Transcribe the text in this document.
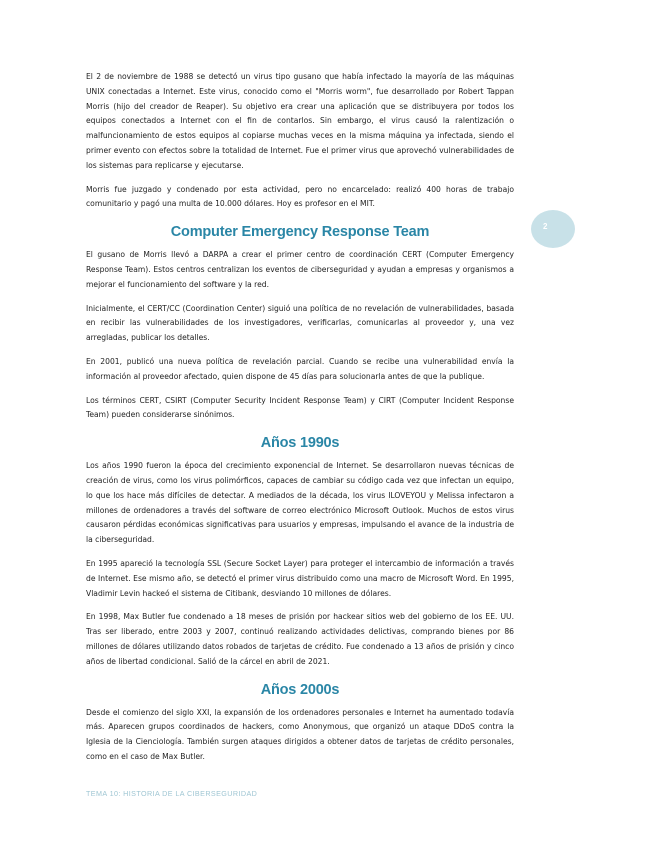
El 2 de noviembre de 1988 se detectó un virus tipo gusano que había infectado la mayoría de las máquinas UNIX conectadas a Internet. Este virus, conocido como el "Morris worm", fue desarrollado por Robert Tappan Morris (hijo del creador de Reaper). Su objetivo era crear una aplicación que se distribuyera por todos los equipos conectados a Internet con el fin de contarlos. Sin embargo, el virus causó la ralentización o malfuncionamiento de estos equipos al copiarse muchas veces en la misma máquina ya infectada, siendo el primer evento con efectos sobre la totalidad de Internet. Fue el primer virus que aprovechó vulnerabilidades de los sistemas para replicarse y ejecutarse.

Morris fue juzgado y condenado por esta actividad, pero no encarcelado: realizó 400 horas de trabajo comunitario y pagó una multa de 10.000 dólares. Hoy es profesor en el MIT.

Computer Emergency Response Team

El gusano de Morris llevó a DARPA a crear el primer centro de coordinación CERT (Computer Emergency Response Team). Estos centros centralizan los eventos de ciberseguridad y ayudan a empresas y organismos a mejorar el funcionamiento del software y la red.

Inicialmente, el CERT/CC (Coordination Center) siguió una política de no revelación de vulnerabilidades, basada en recibir las vulnerabilidades de los investigadores, verificarlas, comunicarlas al proveedor y, una vez arregladas, publicar los detalles.

En 2001, publicó una nueva política de revelación parcial. Cuando se recibe una vulnerabilidad envía la información al proveedor afectado, quien dispone de 45 días para solucionarla antes de que la publique.

Los términos CERT, CSIRT (Computer Security Incident Response Team) y CIRT (Computer Incident Response Team) pueden considerarse sinónimos.

Años 1990s

Los años 1990 fueron la época del crecimiento exponencial de Internet. Se desarrollaron nuevas técnicas de creación de virus, como los virus polimórficos, capaces de cambiar su código cada vez que infectan un equipo, lo que los hace más difíciles de detectar. A mediados de la década, los virus ILOVEYOU y Melissa infectaron a millones de ordenadores a través del software de correo electrónico Microsoft Outlook. Muchos de estos virus causaron pérdidas económicas significativas para usuarios y empresas, impulsando el avance de la industria de la ciberseguridad.

En 1995 apareció la tecnología SSL (Secure Socket Layer) para proteger el intercambio de información a través de Internet. Ese mismo año, se detectó el primer virus distribuido como una macro de Microsoft Word. En 1995, Vladimir Levin hackeó el sistema de Citibank, desviando 10 millones de dólares.

En 1998, Max Butler fue condenado a 18 meses de prisión por hackear sitios web del gobierno de los EE. UU. Tras ser liberado, entre 2003 y 2007, continuó realizando actividades delictivas, comprando bienes por 86 millones de dólares utilizando datos robados de tarjetas de crédito. Fue condenado a 13 años de prisión y cinco años de libertad condicional. Salió de la cárcel en abril de 2021.

Años 2000s

Desde el comienzo del siglo XXI, la expansión de los ordenadores personales e Internet ha aumentado todavía más. Aparecen grupos coordinados de hackers, como Anonymous, que organizó un ataque DDoS contra la Iglesia de la Cienciología. También surgen ataques dirigidos a obtener datos de tarjetas de crédito personales, como en el caso de Max Butler.

2
TEMA 10: HISTORIA DE LA CIBERSEGURIDAD
